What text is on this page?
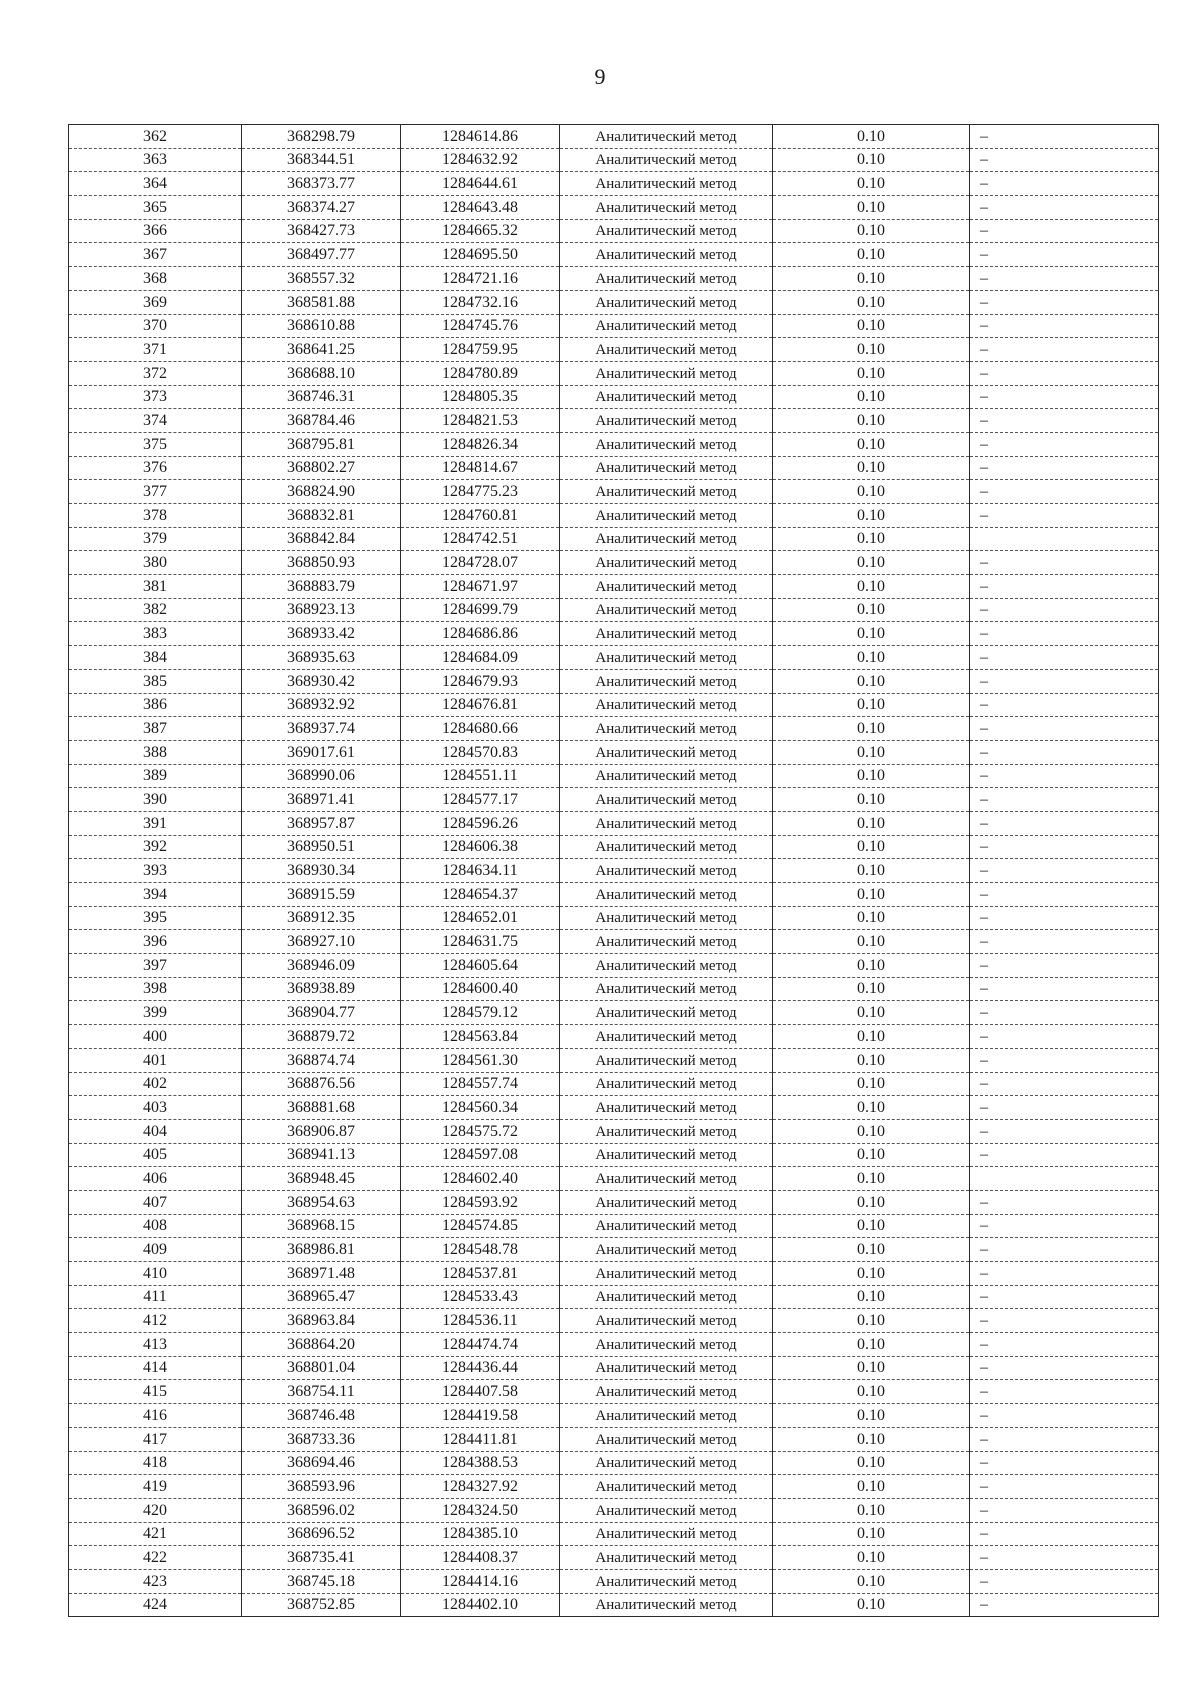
9
362	368298.79	1284614.86	Аналитический метод	0.10	–
363	368344.51	1284632.92	Аналитический метод	0.10	–
364	368373.77	1284644.61	Аналитический метод	0.10	–
365	368374.27	1284643.48	Аналитический метод	0.10	–
366	368427.73	1284665.32	Аналитический метод	0.10	–
367	368497.77	1284695.50	Аналитический метод	0.10	–
368	368557.32	1284721.16	Аналитический метод	0.10	–
369	368581.88	1284732.16	Аналитический метод	0.10	–
370	368610.88	1284745.76	Аналитический метод	0.10	–
371	368641.25	1284759.95	Аналитический метод	0.10	–
372	368688.10	1284780.89	Аналитический метод	0.10	–
373	368746.31	1284805.35	Аналитический метод	0.10	–
374	368784.46	1284821.53	Аналитический метод	0.10	–
375	368795.81	1284826.34	Аналитический метод	0.10	–
376	368802.27	1284814.67	Аналитический метод	0.10	–
377	368824.90	1284775.23	Аналитический метод	0.10	–
378	368832.81	1284760.81	Аналитический метод	0.10	–
379	368842.84	1284742.51	Аналитический метод	0.10	
380	368850.93	1284728.07	Аналитический метод	0.10	–
381	368883.79	1284671.97	Аналитический метод	0.10	–
382	368923.13	1284699.79	Аналитический метод	0.10	–
383	368933.42	1284686.86	Аналитический метод	0.10	–
384	368935.63	1284684.09	Аналитический метод	0.10	–
385	368930.42	1284679.93	Аналитический метод	0.10	–
386	368932.92	1284676.81	Аналитический метод	0.10	–
387	368937.74	1284680.66	Аналитический метод	0.10	–
388	369017.61	1284570.83	Аналитический метод	0.10	–
389	368990.06	1284551.11	Аналитический метод	0.10	–
390	368971.41	1284577.17	Аналитический метод	0.10	–
391	368957.87	1284596.26	Аналитический метод	0.10	–
392	368950.51	1284606.38	Аналитический метод	0.10	–
393	368930.34	1284634.11	Аналитический метод	0.10	–
394	368915.59	1284654.37	Аналитический метод	0.10	–
395	368912.35	1284652.01	Аналитический метод	0.10	–
396	368927.10	1284631.75	Аналитический метод	0.10	–
397	368946.09	1284605.64	Аналитический метод	0.10	–
398	368938.89	1284600.40	Аналитический метод	0.10	–
399	368904.77	1284579.12	Аналитический метод	0.10	–
400	368879.72	1284563.84	Аналитический метод	0.10	–
401	368874.74	1284561.30	Аналитический метод	0.10	–
402	368876.56	1284557.74	Аналитический метод	0.10	–
403	368881.68	1284560.34	Аналитический метод	0.10	–
404	368906.87	1284575.72	Аналитический метод	0.10	–
405	368941.13	1284597.08	Аналитический метод	0.10	–
406	368948.45	1284602.40	Аналитический метод	0.10	
407	368954.63	1284593.92	Аналитический метод	0.10	–
408	368968.15	1284574.85	Аналитический метод	0.10	–
409	368986.81	1284548.78	Аналитический метод	0.10	–
410	368971.48	1284537.81	Аналитический метод	0.10	–
411	368965.47	1284533.43	Аналитический метод	0.10	–
412	368963.84	1284536.11	Аналитический метод	0.10	–
413	368864.20	1284474.74	Аналитический метод	0.10	–
414	368801.04	1284436.44	Аналитический метод	0.10	–
415	368754.11	1284407.58	Аналитический метод	0.10	–
416	368746.48	1284419.58	Аналитический метод	0.10	–
417	368733.36	1284411.81	Аналитический метод	0.10	–
418	368694.46	1284388.53	Аналитический метод	0.10	–
419	368593.96	1284327.92	Аналитический метод	0.10	–
420	368596.02	1284324.50	Аналитический метод	0.10	–
421	368696.52	1284385.10	Аналитический метод	0.10	–
422	368735.41	1284408.37	Аналитический метод	0.10	–
423	368745.18	1284414.16	Аналитический метод	0.10	–
424	368752.85	1284402.10	Аналитический метод	0.10	–
